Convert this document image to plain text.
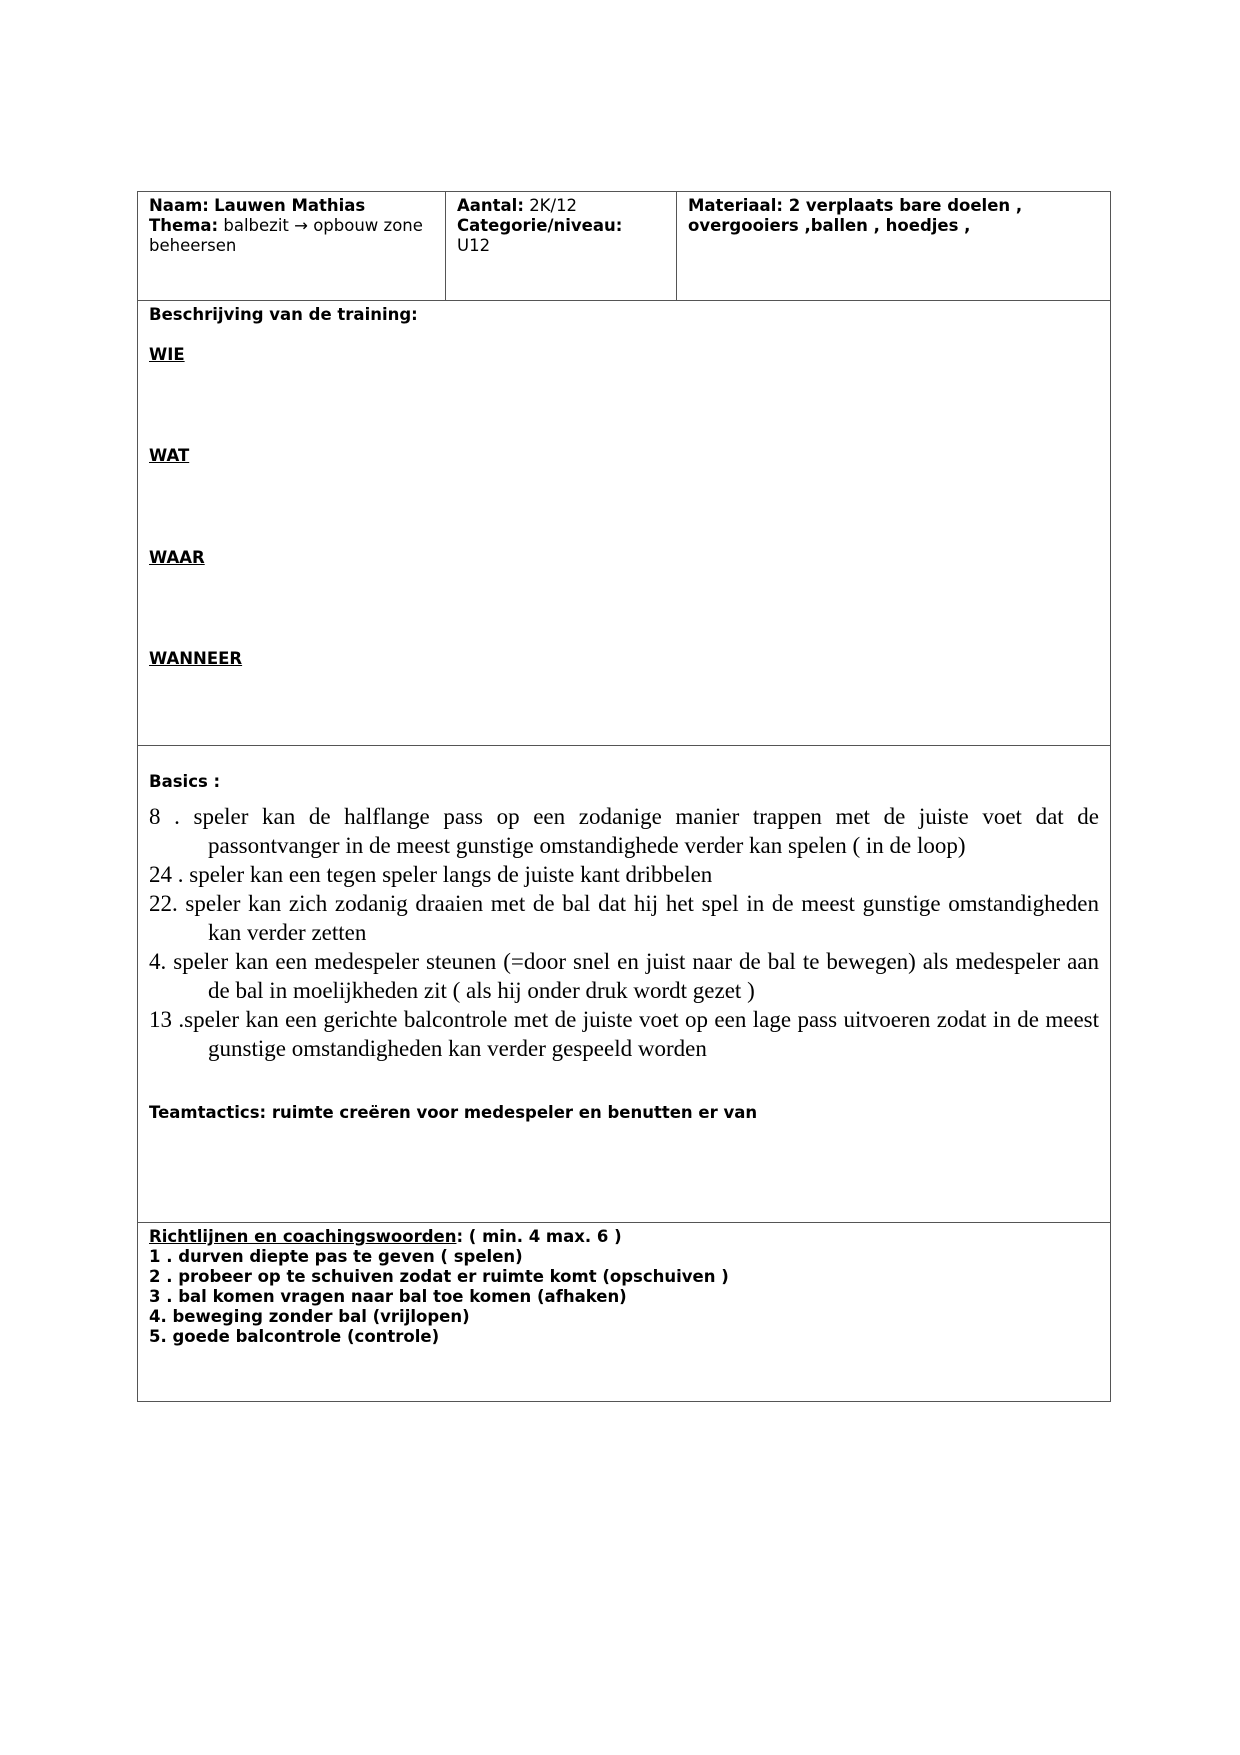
Naam: Lauwen Mathias
Thema: balbezit → opbouw zone beheersen

Aantal: 2K/12
Categorie/niveau:
U12

Materiaal: 2 verplaats bare doelen , overgooiers ,ballen , hoedjes ,

Beschrijving van de training:
WIE
WAT
WAAR
WANNEER

Basics :
8 . speler kan de halflange pass op een zodanige manier trappen met de juiste voet dat de passontvanger in de meest gunstige omstandighede verder kan spelen ( in de loop)
24 . speler kan een tegen speler langs de juiste kant dribbelen
22. speler kan zich zodanig draaien met de bal dat hij het spel in de meest gunstige omstandigheden kan verder zetten
4. speler kan een medespeler steunen (=door snel en juist naar de bal te bewegen) als medespeler aan de bal in moelijkheden zit ( als hij onder druk wordt gezet )
13 .speler kan een gerichte balcontrole met de juiste voet op een lage pass uitvoeren zodat in de meest gunstige omstandigheden kan verder gespeeld worden
Teamtactics: ruimte creëren voor medespeler en benutten er van

Richtlijnen en coachingswoorden: ( min. 4 max. 6 )
1 . durven diepte pas te geven ( spelen)
2 . probeer op te schuiven zodat er ruimte komt (opschuiven )
3 . bal komen vragen naar bal toe komen (afhaken)
4. beweging zonder bal (vrijlopen)
5. goede balcontrole (controle)
